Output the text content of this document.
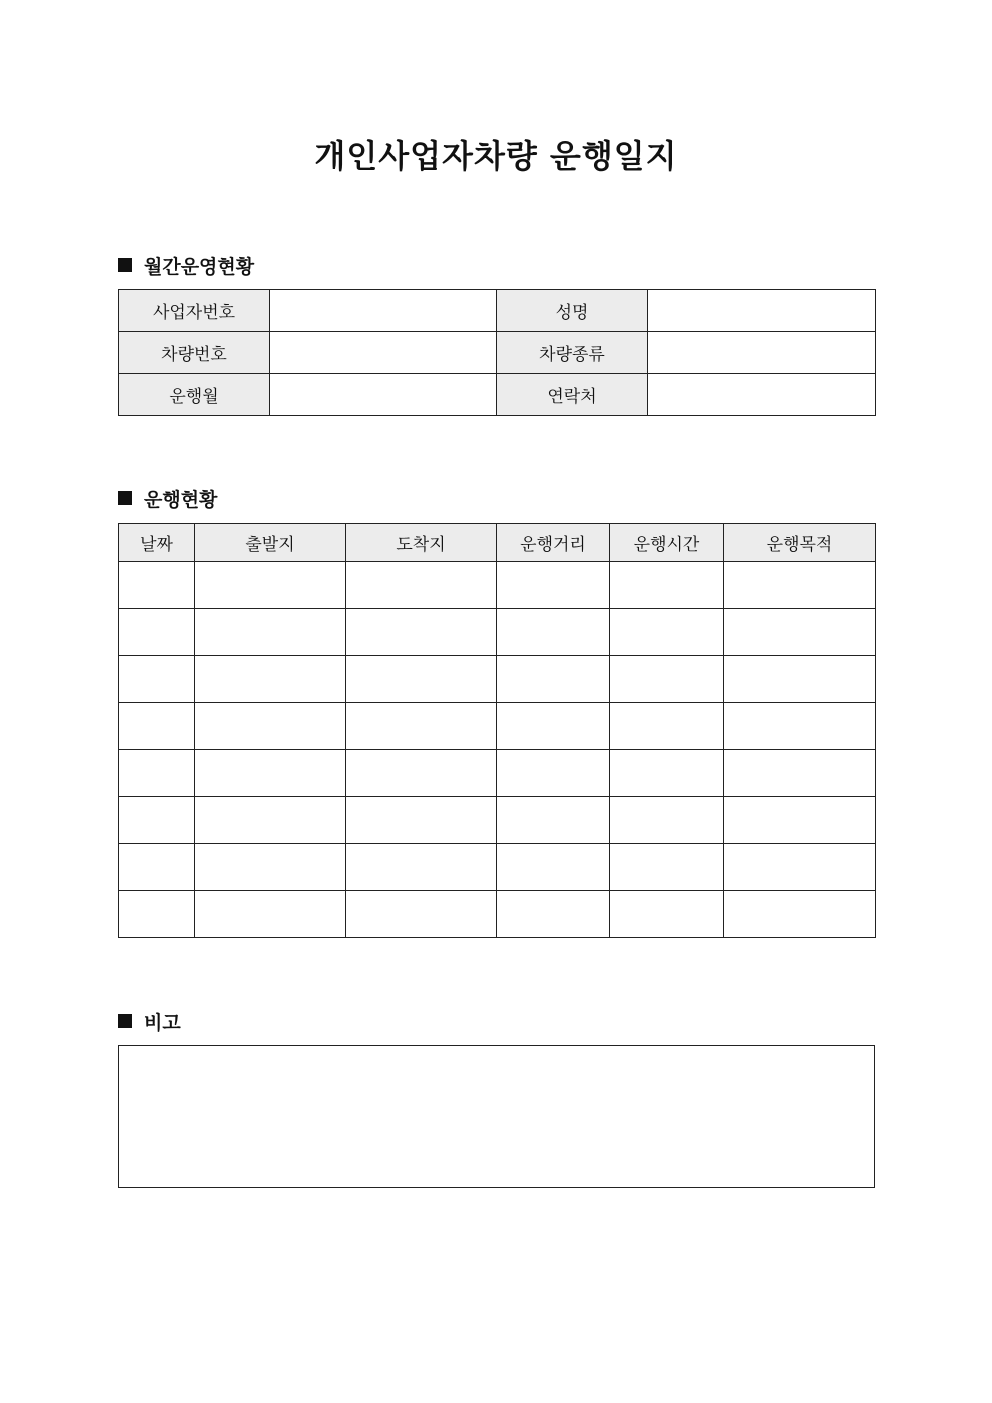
개인사업자차량 운행일지
월간운영현황
사업자번호		성명	
차량번호		차량종류	
운행월		연락처	
운행현황
날짜	출발지	도착지	운행거리	운행시간	운행목적

비고
